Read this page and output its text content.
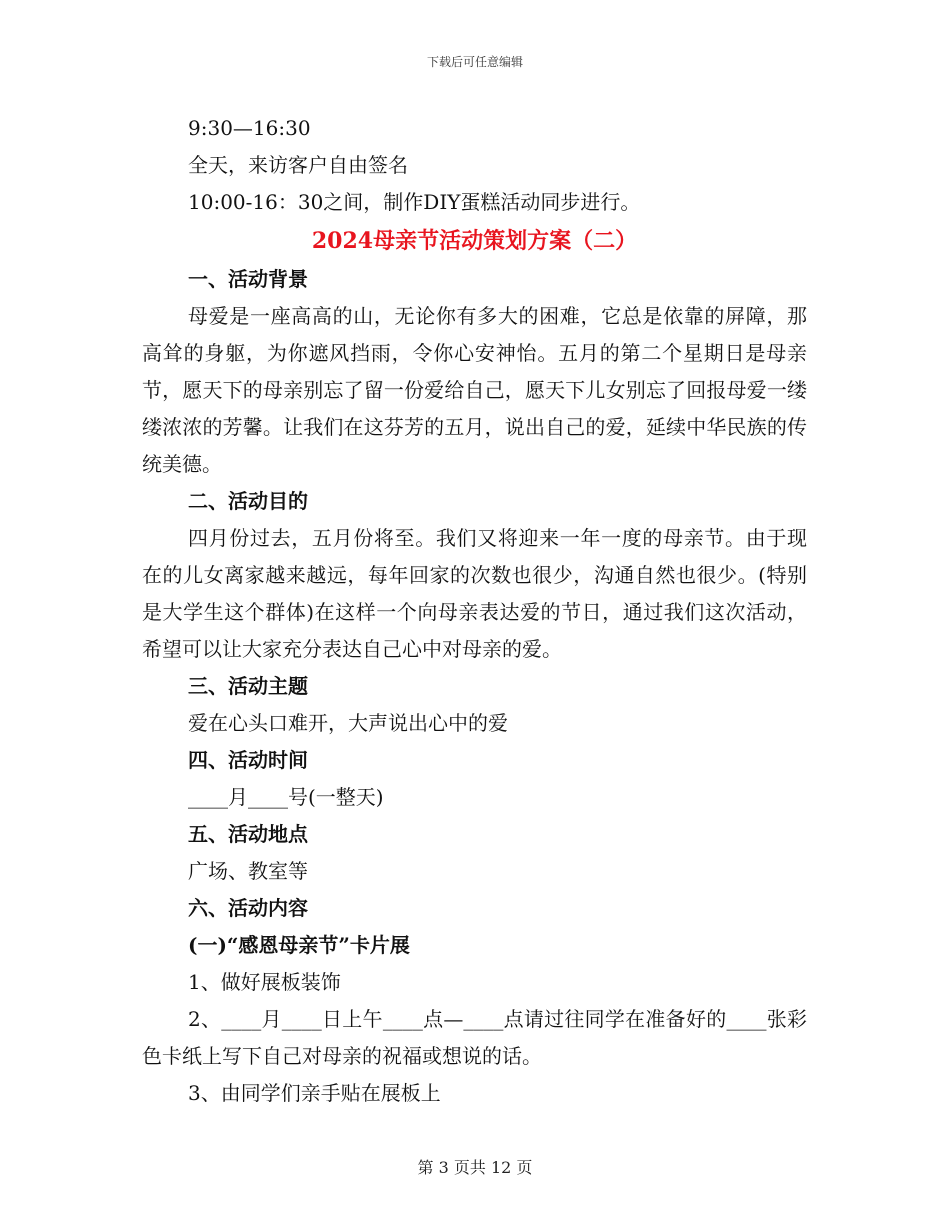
下载后可任意编辑
9:30—16:30
全天，来访客户自由签名
10:00-16：30之间，制作DIY蛋糕活动同步进行。
2024母亲节活动策划方案（二）
一、活动背景
母爱是一座高高的山，无论你有多大的困难，它总是依靠的屏障，那高耸的身躯，为你遮风挡雨，令你心安神怡。五月的第二个星期日是母亲节，愿天下的母亲别忘了留一份爱给自己，愿天下儿女别忘了回报母爱一缕缕浓浓的芳馨。让我们在这芬芳的五月，说出自己的爱，延续中华民族的传统美德。
二、活动目的
四月份过去，五月份将至。我们又将迎来一年一度的母亲节。由于现在的儿女离家越来越远，每年回家的次数也很少，沟通自然也很少。(特别是大学生这个群体)在这样一个向母亲表达爱的节日，通过我们这次活动，希望可以让大家充分表达自己心中对母亲的爱。
三、活动主题
爱在心头口难开，大声说出心中的爱
四、活动时间
____月____号(一整天)
五、活动地点
广场、教室等
六、活动内容
(一)“感恩母亲节”卡片展
1、做好展板装饰
2、____月____日上午____点—____点请过往同学在准备好的____张彩色卡纸上写下自己对母亲的祝福或想说的话。
3、由同学们亲手贴在展板上
第 3 页共 12 页
